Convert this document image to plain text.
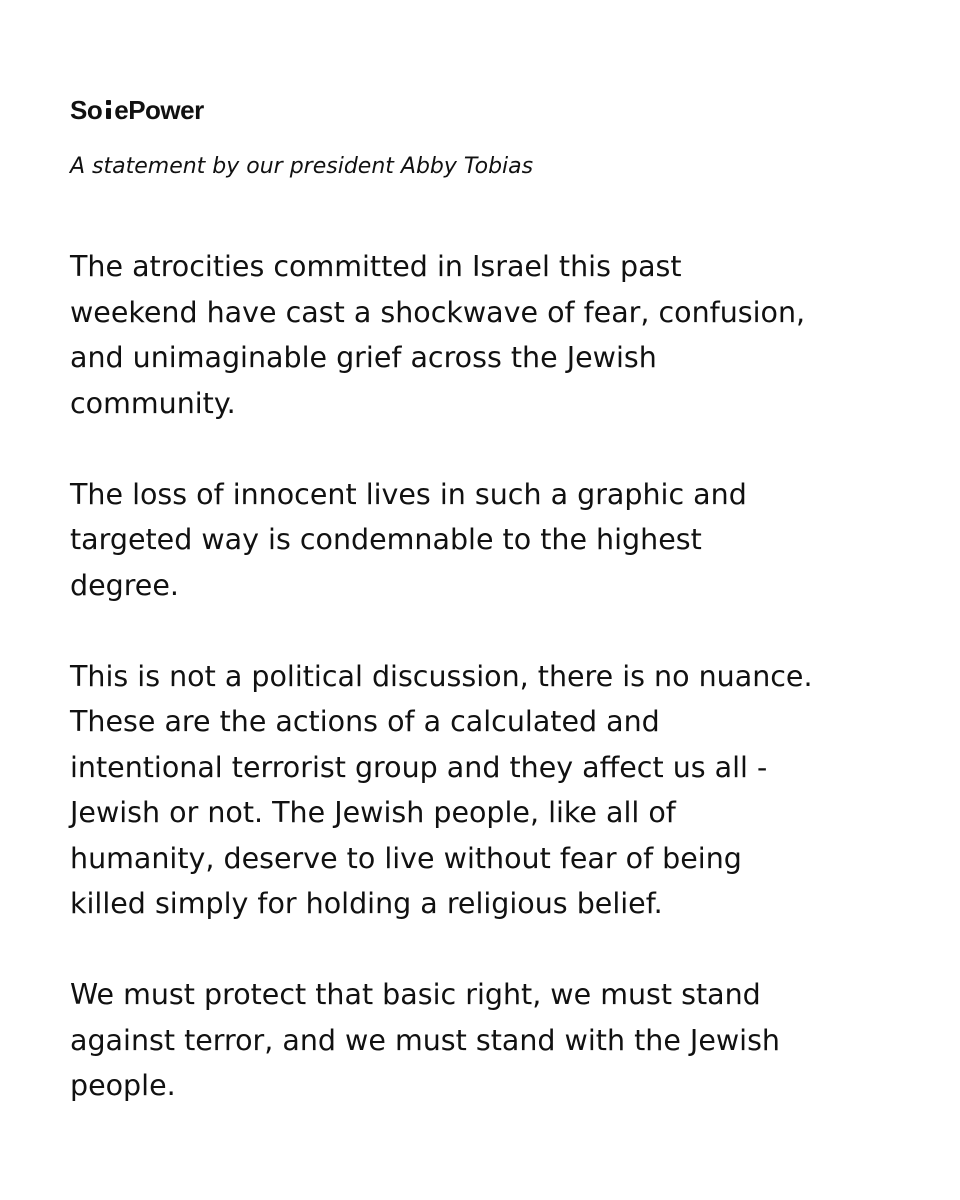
So ePower
A statement by our president Abby Tobias
The atrocities committed in Israel this past
weekend have cast a shockwave of fear, confusion,
and unimaginable grief across the Jewish
community.
The loss of innocent lives in such a graphic and
targeted way is condemnable to the highest
degree.
This is not a political discussion, there is no nuance.
These are the actions of a calculated and
intentional terrorist group and they affect us all -
Jewish or not. The Jewish people, like all of
humanity, deserve to live without fear of being
killed simply for holding a religious belief.
We must protect that basic right, we must stand
against terror, and we must stand with the Jewish
people.
